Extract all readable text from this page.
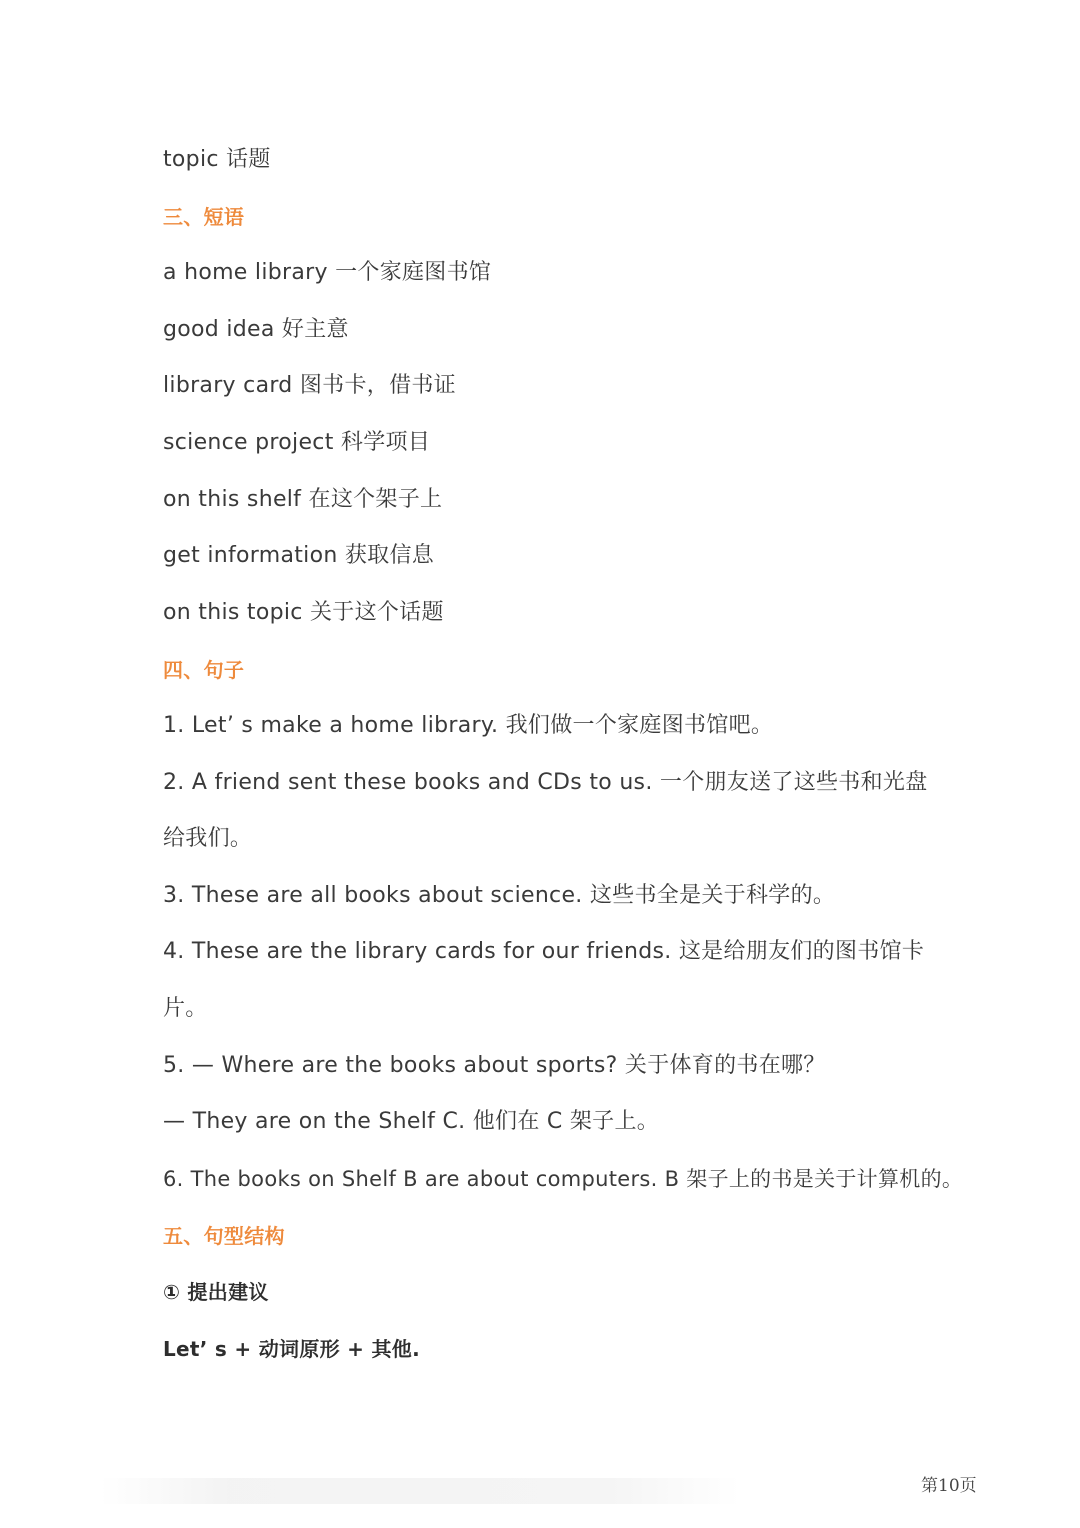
topic 话题
三、短语
a home library 一个家庭图书馆
good idea 好主意
library card 图书卡，借书证
science project 科学项目
on this shelf 在这个架子上
get information 获取信息
on this topic 关于这个话题
四、句子
1. Let’ s make a home library. 我们做一个家庭图书馆吧。
2. A friend sent these books and CDs to us. 一个朋友送了这些书和光盘
给我们。
3. These are all books about science. 这些书全是关于科学的。
4. These are the library cards for our friends. 这是给朋友们的图书馆卡
片。
5. — Where are the books about sports? 关于体育的书在哪？
— They are on the Shelf C. 他们在 C 架子上。
6. The books on Shelf B are about computers. B 架子上的书是关于计算机的。
五、句型结构
① 提出建议
Let’ s + 动词原形 + 其他.
第10页
